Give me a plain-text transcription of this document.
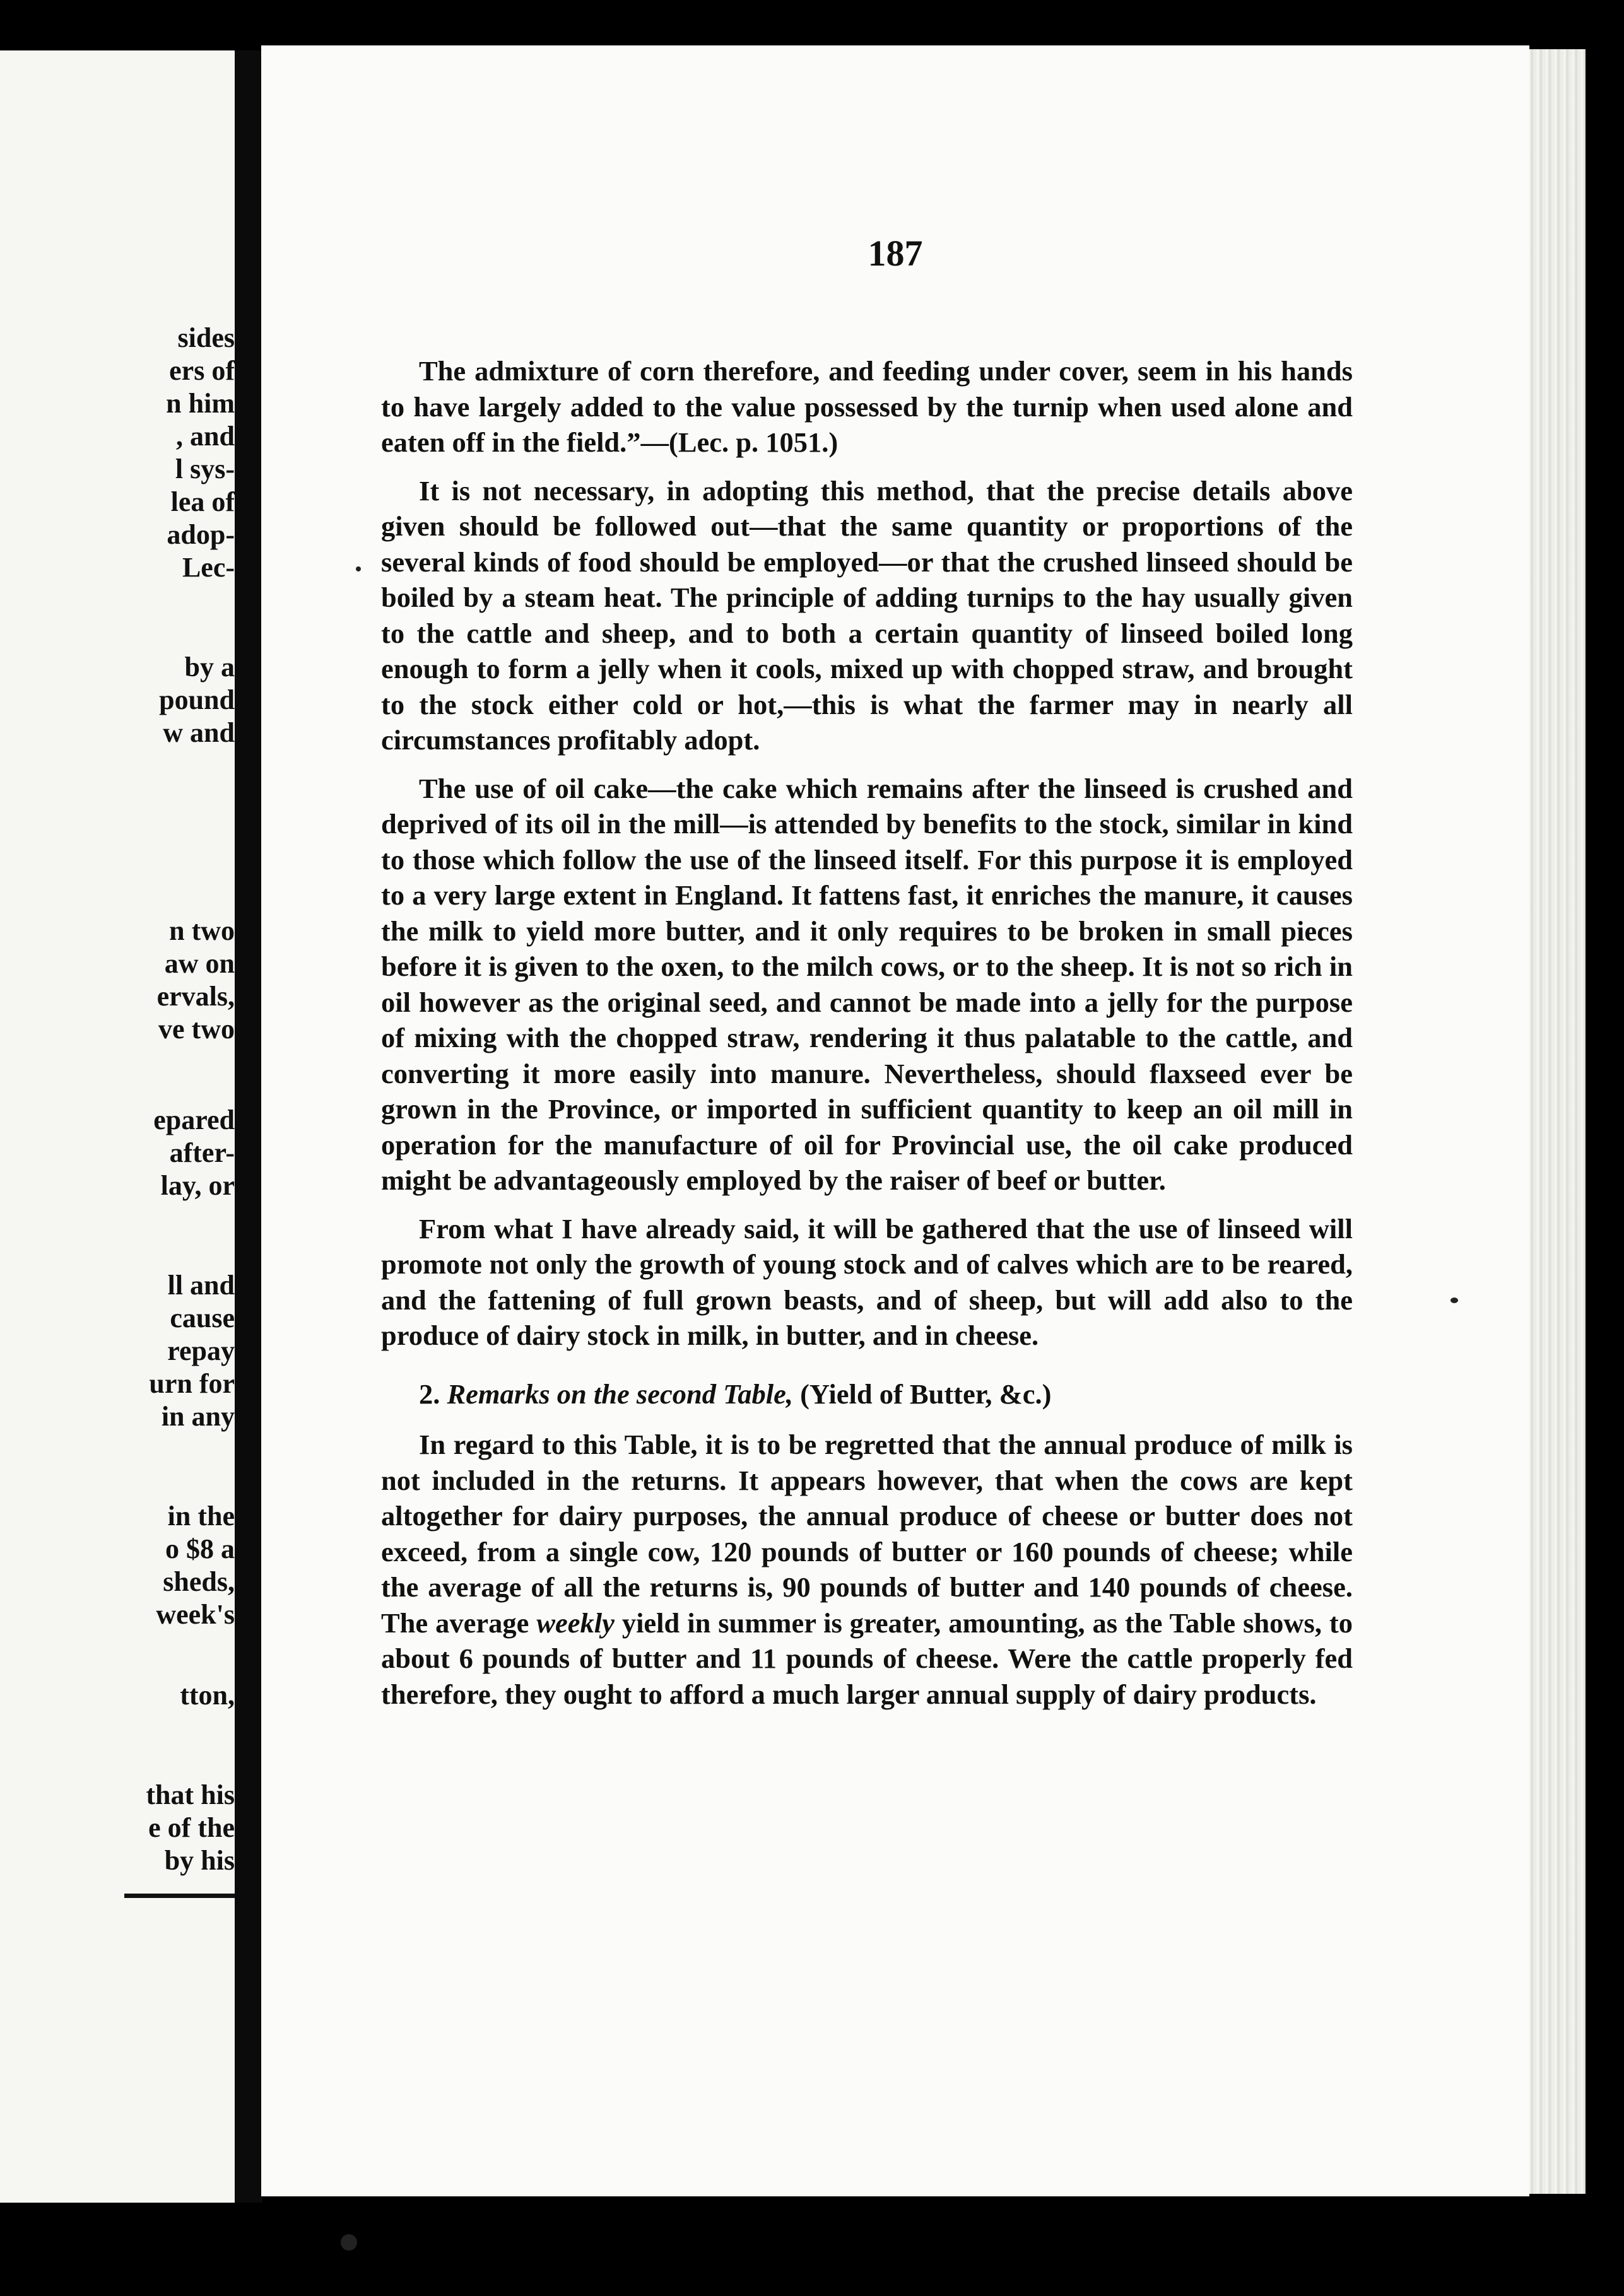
sides
ers of
n him
, and
l sys-
lea of
adop-
Lec-
by a
pound
w and
n two
aw on
ervals,
ve two
epared
after-
lay, or
ll and
cause
repay
urn for
in any
in the
o $8 a
sheds,
week's
tton,
that his
e of the
by his
187

The admixture of corn therefore, and feeding under cover, seem in his hands to have largely added to the value possessed by the turnip when used alone and eaten off in the field.”—(Lec. p. 1051.)

It is not necessary, in adopting this method, that the precise details above given should be followed out—that the same quantity or proportions of the several kinds of food should be employed—or that the crushed linseed should be boiled by a steam heat. The principle of adding turnips to the hay usually given to the cattle and sheep, and to both a certain quantity of linseed boiled long enough to form a jelly when it cools, mixed up with chopped straw, and brought to the stock either cold or hot,—this is what the farmer may in nearly all circumstances profitably adopt.

The use of oil cake—the cake which remains after the linseed is crushed and deprived of its oil in the mill—is attended by benefits to the stock, similar in kind to those which follow the use of the linseed itself. For this purpose it is employed to a very large extent in England. It fattens fast, it enriches the manure, it causes the milk to yield more butter, and it only requires to be broken in small pieces before it is given to the oxen, to the milch cows, or to the sheep. It is not so rich in oil however as the original seed, and cannot be made into a jelly for the purpose of mixing with the chopped straw, rendering it thus palatable to the cattle, and converting it more easily into manure. Nevertheless, should flaxseed ever be grown in the Province, or imported in sufficient quantity to keep an oil mill in operation for the manufacture of oil for Provincial use, the oil cake produced might be advantageously employed by the raiser of beef or butter.

From what I have already said, it will be gathered that the use of linseed will promote not only the growth of young stock and of calves which are to be reared, and the fattening of full grown beasts, and of sheep, but will add also to the produce of dairy stock in milk, in butter, and in cheese.

2. Remarks on the second Table, (Yield of Butter, &c.)

In regard to this Table, it is to be regretted that the annual produce of milk is not included in the returns. It appears however, that when the cows are kept altogether for dairy purposes, the annual produce of cheese or butter does not exceed, from a single cow, 120 pounds of butter or 160 pounds of cheese; while the average of all the returns is, 90 pounds of butter and 140 pounds of cheese. The average weekly yield in summer is greater, amounting, as the Table shows, to about 6 pounds of butter and 11 pounds of cheese. Were the cattle properly fed therefore, they ought to afford a much larger annual supply of dairy products.
